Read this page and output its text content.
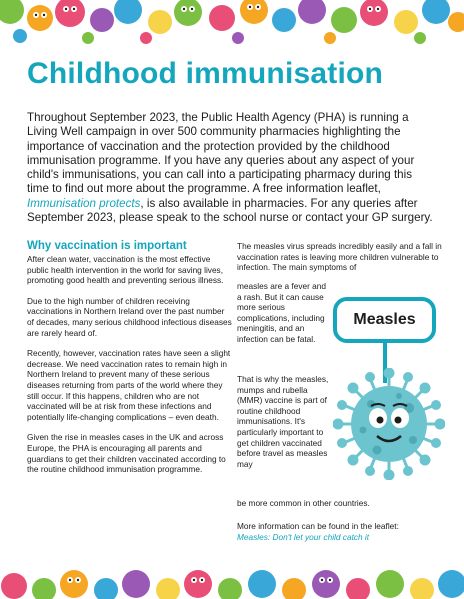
Childhood immunisation

Throughout September 2023, the Public Health Agency (PHA) is running a Living Well campaign in over 500 community pharmacies highlighting the importance of vaccination and the protection provided by the childhood immunisation programme. If you have any queries about any aspect of your child's immunisations, you can call into a participating pharmacy during this time to find out more about the programme. A free information leaflet, Immunisation protects, is also available in pharmacies. For any queries after September 2023, please speak to the school nurse or contact your GP surgery.

Why vaccination is important

After clean water, vaccination is the most effective public health intervention in the world for saving lives, promoting good health and preventing serious illness.

Due to the high number of children receiving vaccinations in Northern Ireland over the past number of decades, many serious childhood infectious diseases are rarely heard of.

Recently, however, vaccination rates have seen a slight decrease. We need vaccination rates to remain high in Northern Ireland to prevent many of these serious diseases returning from parts of the world where they still occur. If this happens, children who are not vaccinated will be at risk from these infections and potentially life-changing complications – even death.

Given the rise in measles cases in the UK and across Europe, the PHA is encouraging all parents and guardians to get their children vaccinated according to the routine childhood immunisation programme.

The measles virus spreads incredibly easily and a fall in vaccination rates is leaving more children vulnerable to infection. The main symptoms of

measles are a fever and a rash. But it can cause more serious complications, including meningitis, and an infection can be fatal.

That is why the measles, mumps and rubella (MMR) vaccine is part of routine childhood immunisations. It's particularly important to get children vaccinated before travel as measles may

be more common in other countries.

More information can be found in the leaflet:

Measles: Don't let your child catch it

Measles
